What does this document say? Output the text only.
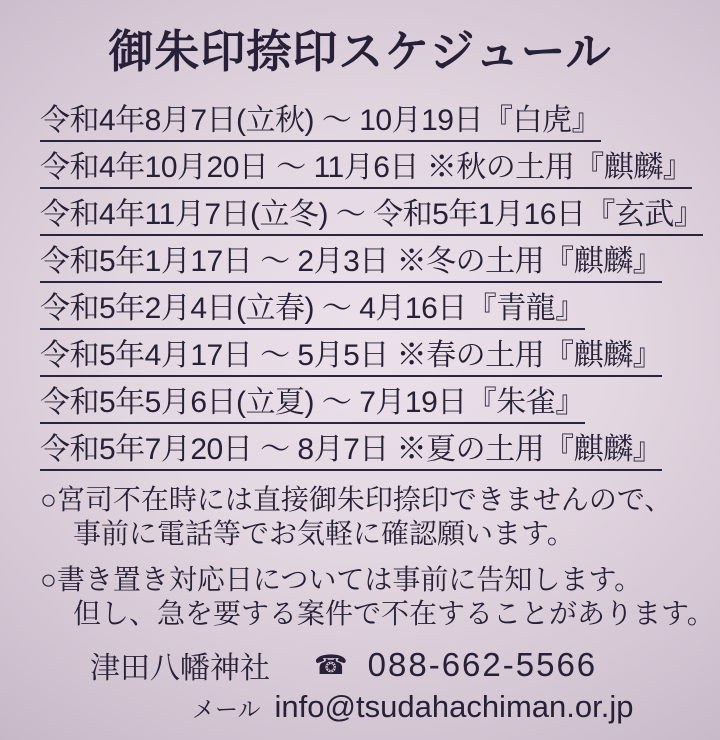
御朱印捺印スケジュール
令和4年8月7日(立秋) ～ 10月19日『白虎』
令和4年10月20日 ～ 11月6日 ※秋の土用『麒麟』
令和4年11月7日(立冬) ～ 令和5年1月16日『玄武』
令和5年1月17日 ～ 2月3日 ※冬の土用『麒麟』
令和5年2月4日(立春) ～ 4月16日『青龍』
令和5年4月17日 ～ 5月5日 ※春の土用『麒麟』
令和5年5月6日(立夏) ～ 7月19日『朱雀』
令和5年7月20日 ～ 8月7日 ※夏の土用『麒麟』
○宮司不在時には直接御朱印捺印できませんので、
事前に電話等でお気軽に確認願います。
○書き置き対応日については事前に告知します。
但し、急を要する案件で不在することがあります。
津田八幡神社 ☎ 088-662-5566
メール info@tsudahachiman.or.jp
